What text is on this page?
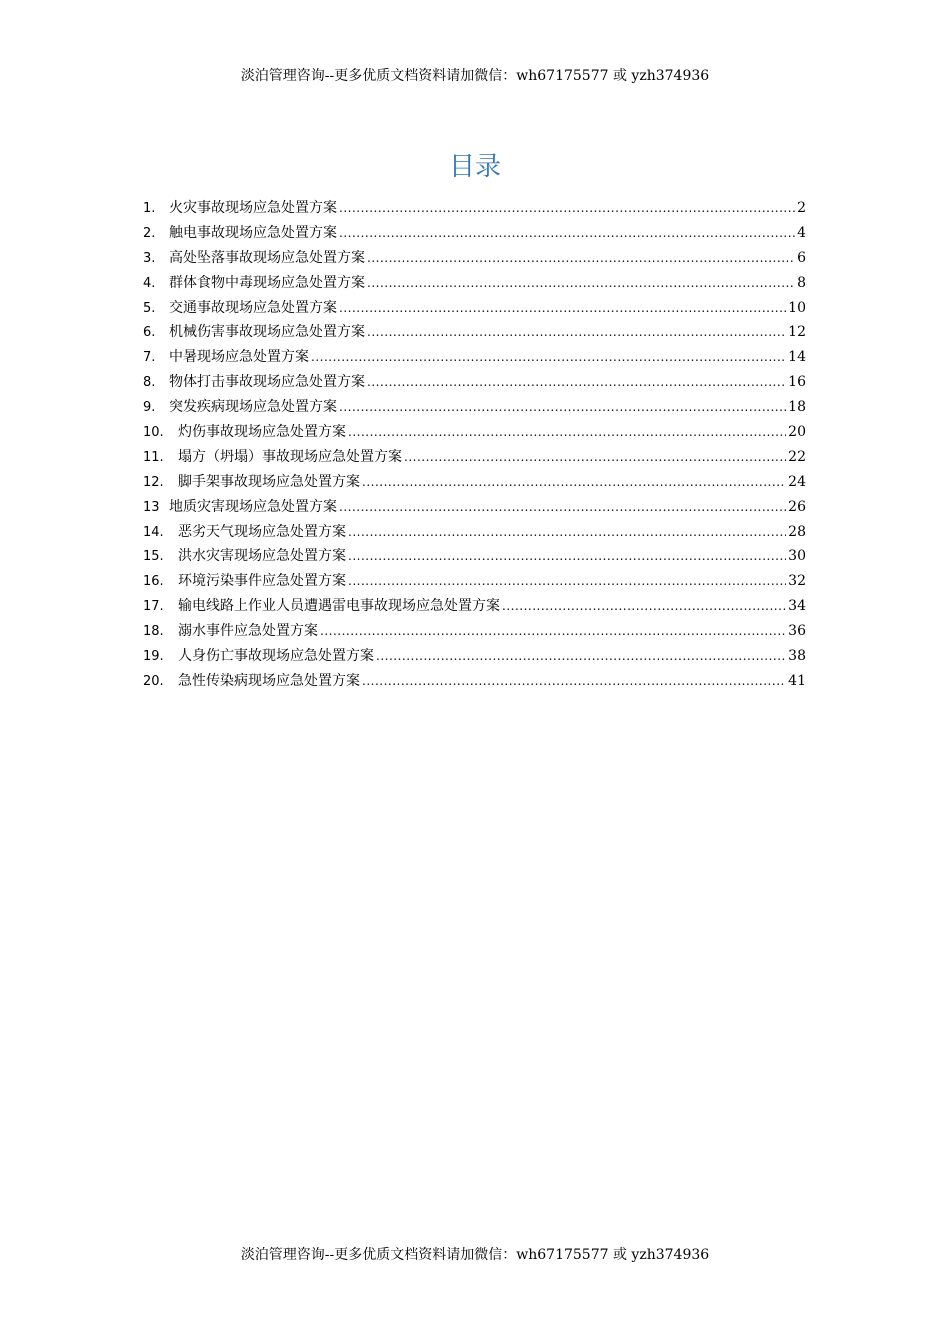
淡泊管理咨询--更多优质文档资料请加微信：wh67175577 或 yzh374936
目录
1. 火灾事故现场应急处置方案 .....	2
2. 触电事故现场应急处置方案 .....	4
3. 高处坠落事故现场应急处置方案 .....	6
4. 群体食物中毒现场应急处置方案 .....	8
5. 交通事故现场应急处置方案 .....	10
6. 机械伤害事故现场应急处置方案 .....	12
7. 中暑现场应急处置方案 .....	14
8. 物体打击事故现场应急处置方案 .....	16
9. 突发疾病现场应急处置方案 .....	18
10.	灼伤事故现场应急处置方案 .....	20
11.	塌方（坍塌）事故现场应急处置方案 .....	22
12.	脚手架事故现场应急处置方案 .....	24
13 地质灾害现场应急处置方案 .....	26
14.	恶劣天气现场应急处置方案 .....	28
15.	洪水灾害现场应急处置方案 .....	30
16.	环境污染事件应急处置方案 .....	32
17.	输电线路上作业人员遭遇雷电事故现场应急处置方案 .....	34
18.	溺水事件应急处置方案 .....	36
19.	人身伤亡事故现场应急处置方案 .....	38
20.	急性传染病现场应急处置方案 .....	41
淡泊管理咨询--更多优质文档资料请加微信：wh67175577 或 yzh374936
